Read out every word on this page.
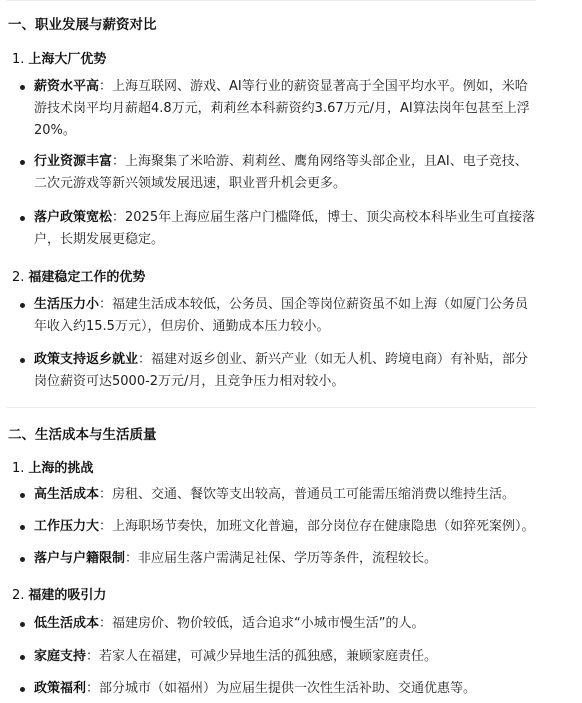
一、职业发展与薪资对比
1. 上海大厂优势
薪资水平高：上海互联网、游戏、AI等行业的薪资显著高于全国平均水平。例如，米哈
游技术岗平均月薪超4.8万元，莉莉丝本科薪资约3.67万元/月，AI算法岗年包甚至上浮
20%。
行业资源丰富：上海聚集了米哈游、莉莉丝、鹰角网络等头部企业，且AI、电子竞技、
二次元游戏等新兴领域发展迅速，职业晋升机会更多。
落户政策宽松：2025年上海应届生落户门槛降低，博士、顶尖高校本科毕业生可直接落
户，长期发展更稳定。
2. 福建稳定工作的优势
生活压力小：福建生活成本较低，公务员、国企等岗位薪资虽不如上海（如厦门公务员
年收入约15.5万元），但房价、通勤成本压力较小。
政策支持返乡就业：福建对返乡创业、新兴产业（如无人机、跨境电商）有补贴，部分
岗位薪资可达5000-2万元/月，且竞争压力相对较小。
二、生活成本与生活质量
1. 上海的挑战
高生活成本：房租、交通、餐饮等支出较高，普通员工可能需压缩消费以维持生活。
工作压力大：上海职场节奏快，加班文化普遍，部分岗位存在健康隐患（如猝死案例）。
落户与户籍限制：非应届生落户需满足社保、学历等条件，流程较长。
2. 福建的吸引力
低生活成本：福建房价、物价较低，适合追求“小城市慢生活”的人。
家庭支持：若家人在福建，可减少异地生活的孤独感，兼顾家庭责任。
政策福利：部分城市（如福州）为应届生提供一次性生活补助、交通优惠等。
